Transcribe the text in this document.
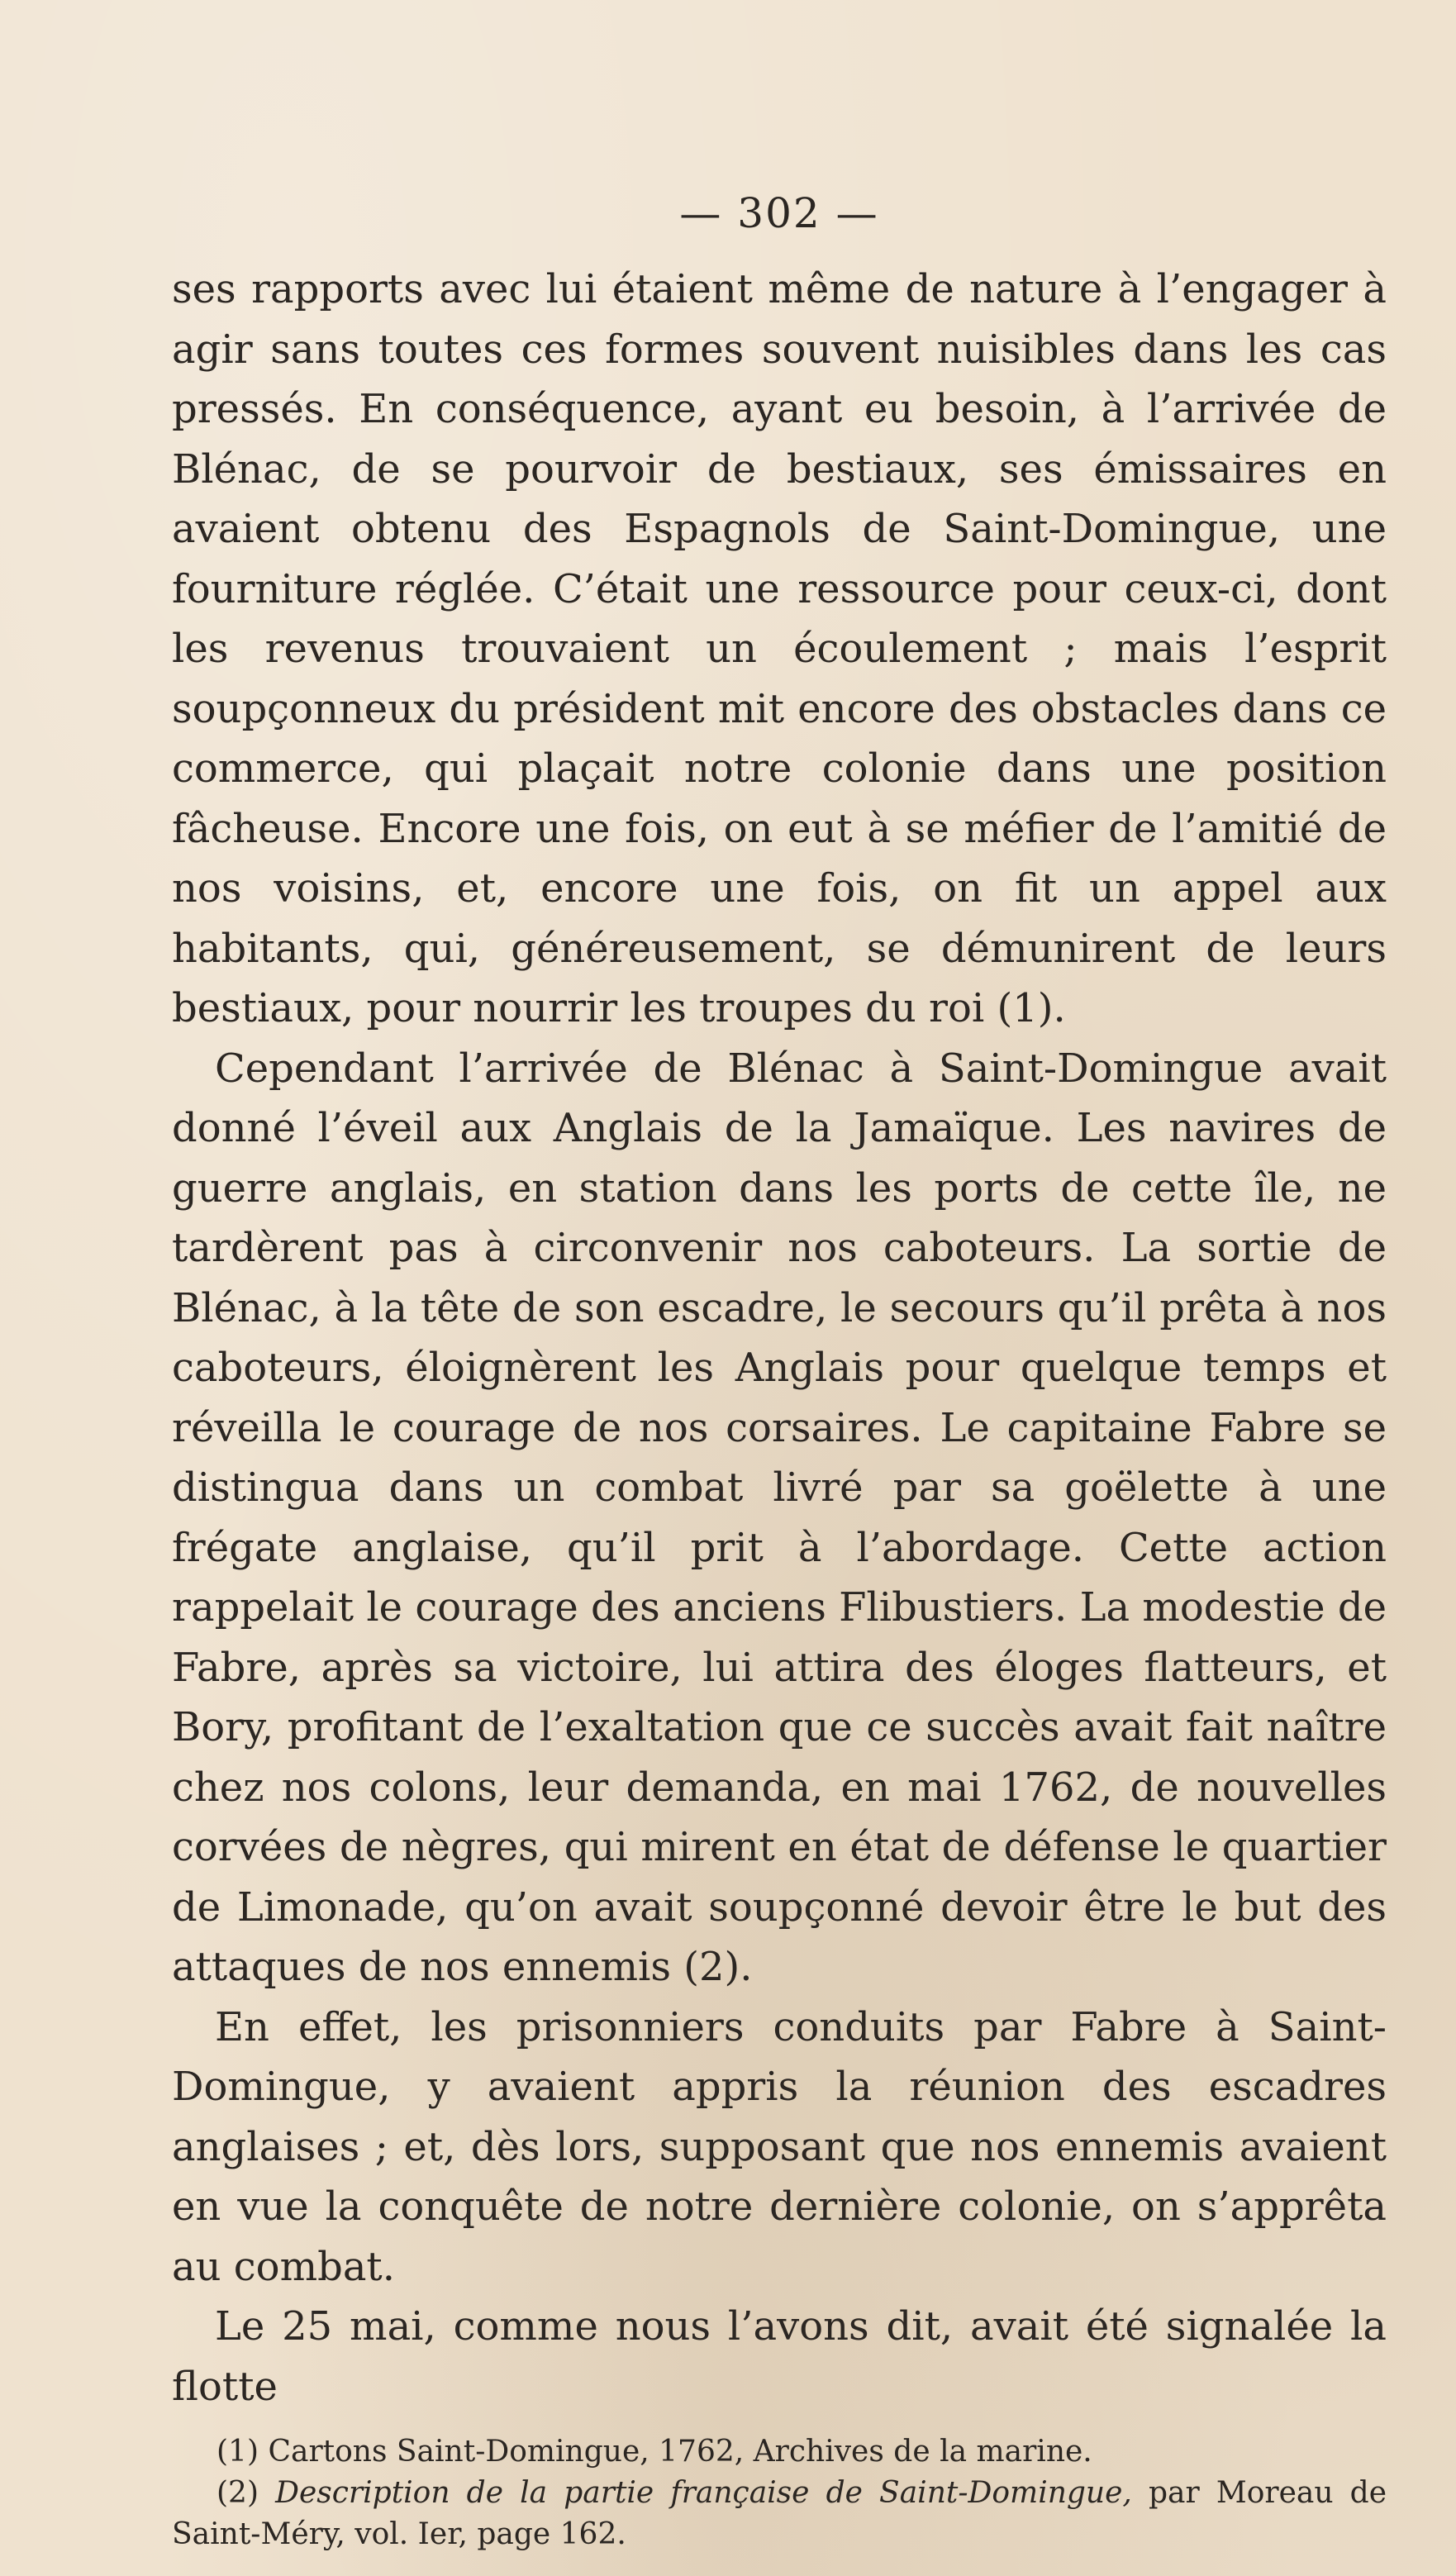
— 302 —

ses rapports avec lui étaient même de nature à l’engager à agir sans toutes ces formes souvent nuisibles dans les cas pressés. En conséquence, ayant eu besoin, à l’arrivée de Blénac, de se pourvoir de bestiaux, ses émissaires en avaient obtenu des Espagnols de Saint-Domingue, une fourniture réglée. C’était une ressource pour ceux-ci, dont les revenus trouvaient un écoulement ; mais l’esprit soupçonneux du président mit encore des obstacles dans ce commerce, qui plaçait notre colonie dans une position fâcheuse. Encore une fois, on eut à se méfier de l’amitié de nos voisins, et, encore une fois, on fit un appel aux habitants, qui, généreusement, se démunirent de leurs bestiaux, pour nourrir les troupes du roi (1).

Cependant l’arrivée de Blénac à Saint-Domingue avait donné l’éveil aux Anglais de la Jamaïque. Les navires de guerre anglais, en station dans les ports de cette île, ne tardèrent pas à circonvenir nos caboteurs. La sortie de Blénac, à la tête de son escadre, le secours qu’il prêta à nos caboteurs, éloignèrent les Anglais pour quelque temps et réveilla le courage de nos corsaires. Le capitaine Fabre se distingua dans un combat livré par sa goëlette à une frégate anglaise, qu’il prit à l’abordage. Cette action rappelait le courage des anciens Flibustiers. La modestie de Fabre, après sa victoire, lui attira des éloges flatteurs, et Bory, profitant de l’exaltation que ce succès avait fait naître chez nos colons, leur demanda, en mai 1762, de nouvelles corvées de nègres, qui mirent en état de défense le quartier de Limonade, qu’on avait soupçonné devoir être le but des attaques de nos ennemis (2).

En effet, les prisonniers conduits par Fabre à Saint-Domingue, y avaient appris la réunion des escadres anglaises ; et, dès lors, supposant que nos ennemis avaient en vue la conquête de notre dernière colonie, on s’apprêta au combat.

Le 25 mai, comme nous l’avons dit, avait été signalée la flotte

(1) Cartons Saint-Domingue, 1762, Archives de la marine.

(2) Description de la partie française de Saint-Domingue, par Moreau de Saint-Méry, vol. Ier, page 162.
